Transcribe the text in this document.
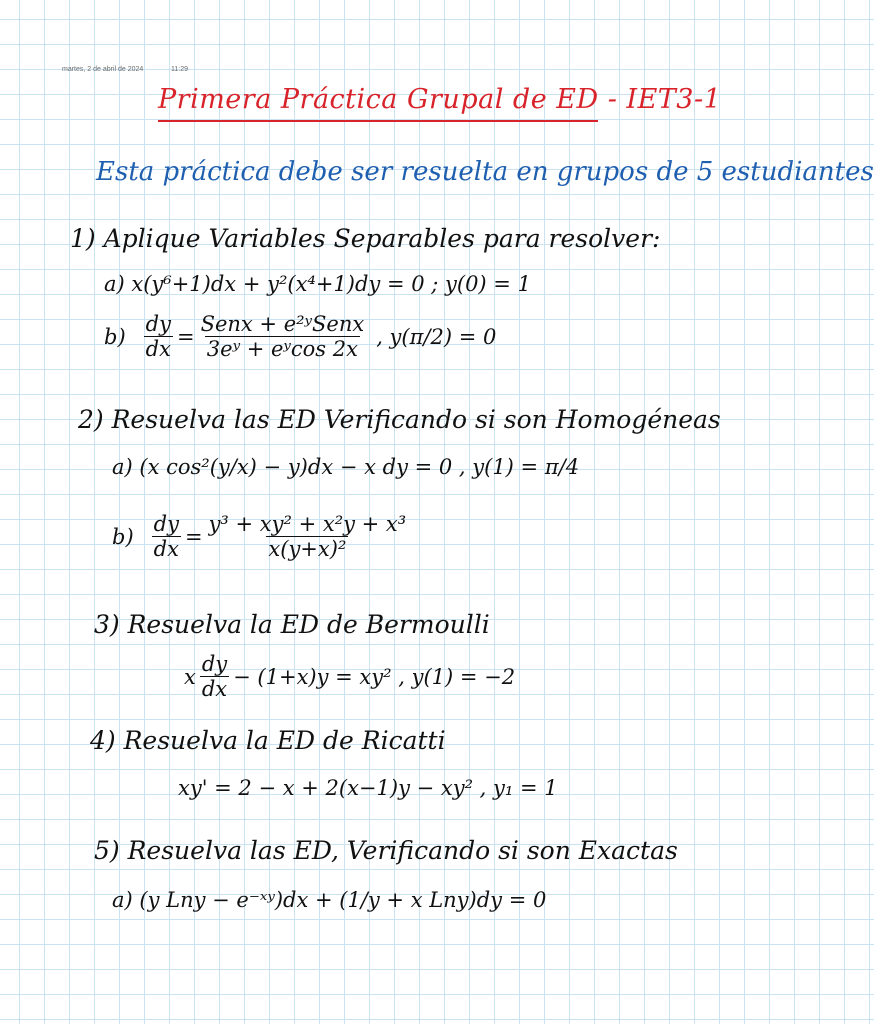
martes, 2 de abril de 2024	11:29
Primera Práctica Grupal de ED - IET3-1
Esta práctica debe ser resuelta en grupos de 5 estudiantes
1) Aplique Variables Separables para resolver:
a) x(y⁶+1)dx + y²(x⁴+1)dy = 0 ; y(0) = 1
$b) \frac{dy}{dx} = \frac{\text{Senx + e²ʸSenx}}{\text{3eʸ + eʸcos 2x}}$ , y(π/2) = 0
2) Resuelva las ED Verificando si son Homogéneas
a) (x cos²(y/x) − y)dx − x dy = 0 , y(1) = π/4
$b) \frac{dy}{dx} = \frac{\text{y³ + xy² + x²y + x³}}{\text{x(y+x)²}}$
3) Resuelva la ED de Bermoulli
x $\frac{dy}{dx} - (1+x)y = xy^2$ , y(1) = −2
4) Resuelva la ED de Ricatti
xy' = 2 − x + 2(x−1)y − xy² , y₁ = 1
5) Resuelva las ED, Verificando si son Exactas
a) (y Lny − e⁻ˣʸ)dx + (1/y + x Lny)dy = 0
